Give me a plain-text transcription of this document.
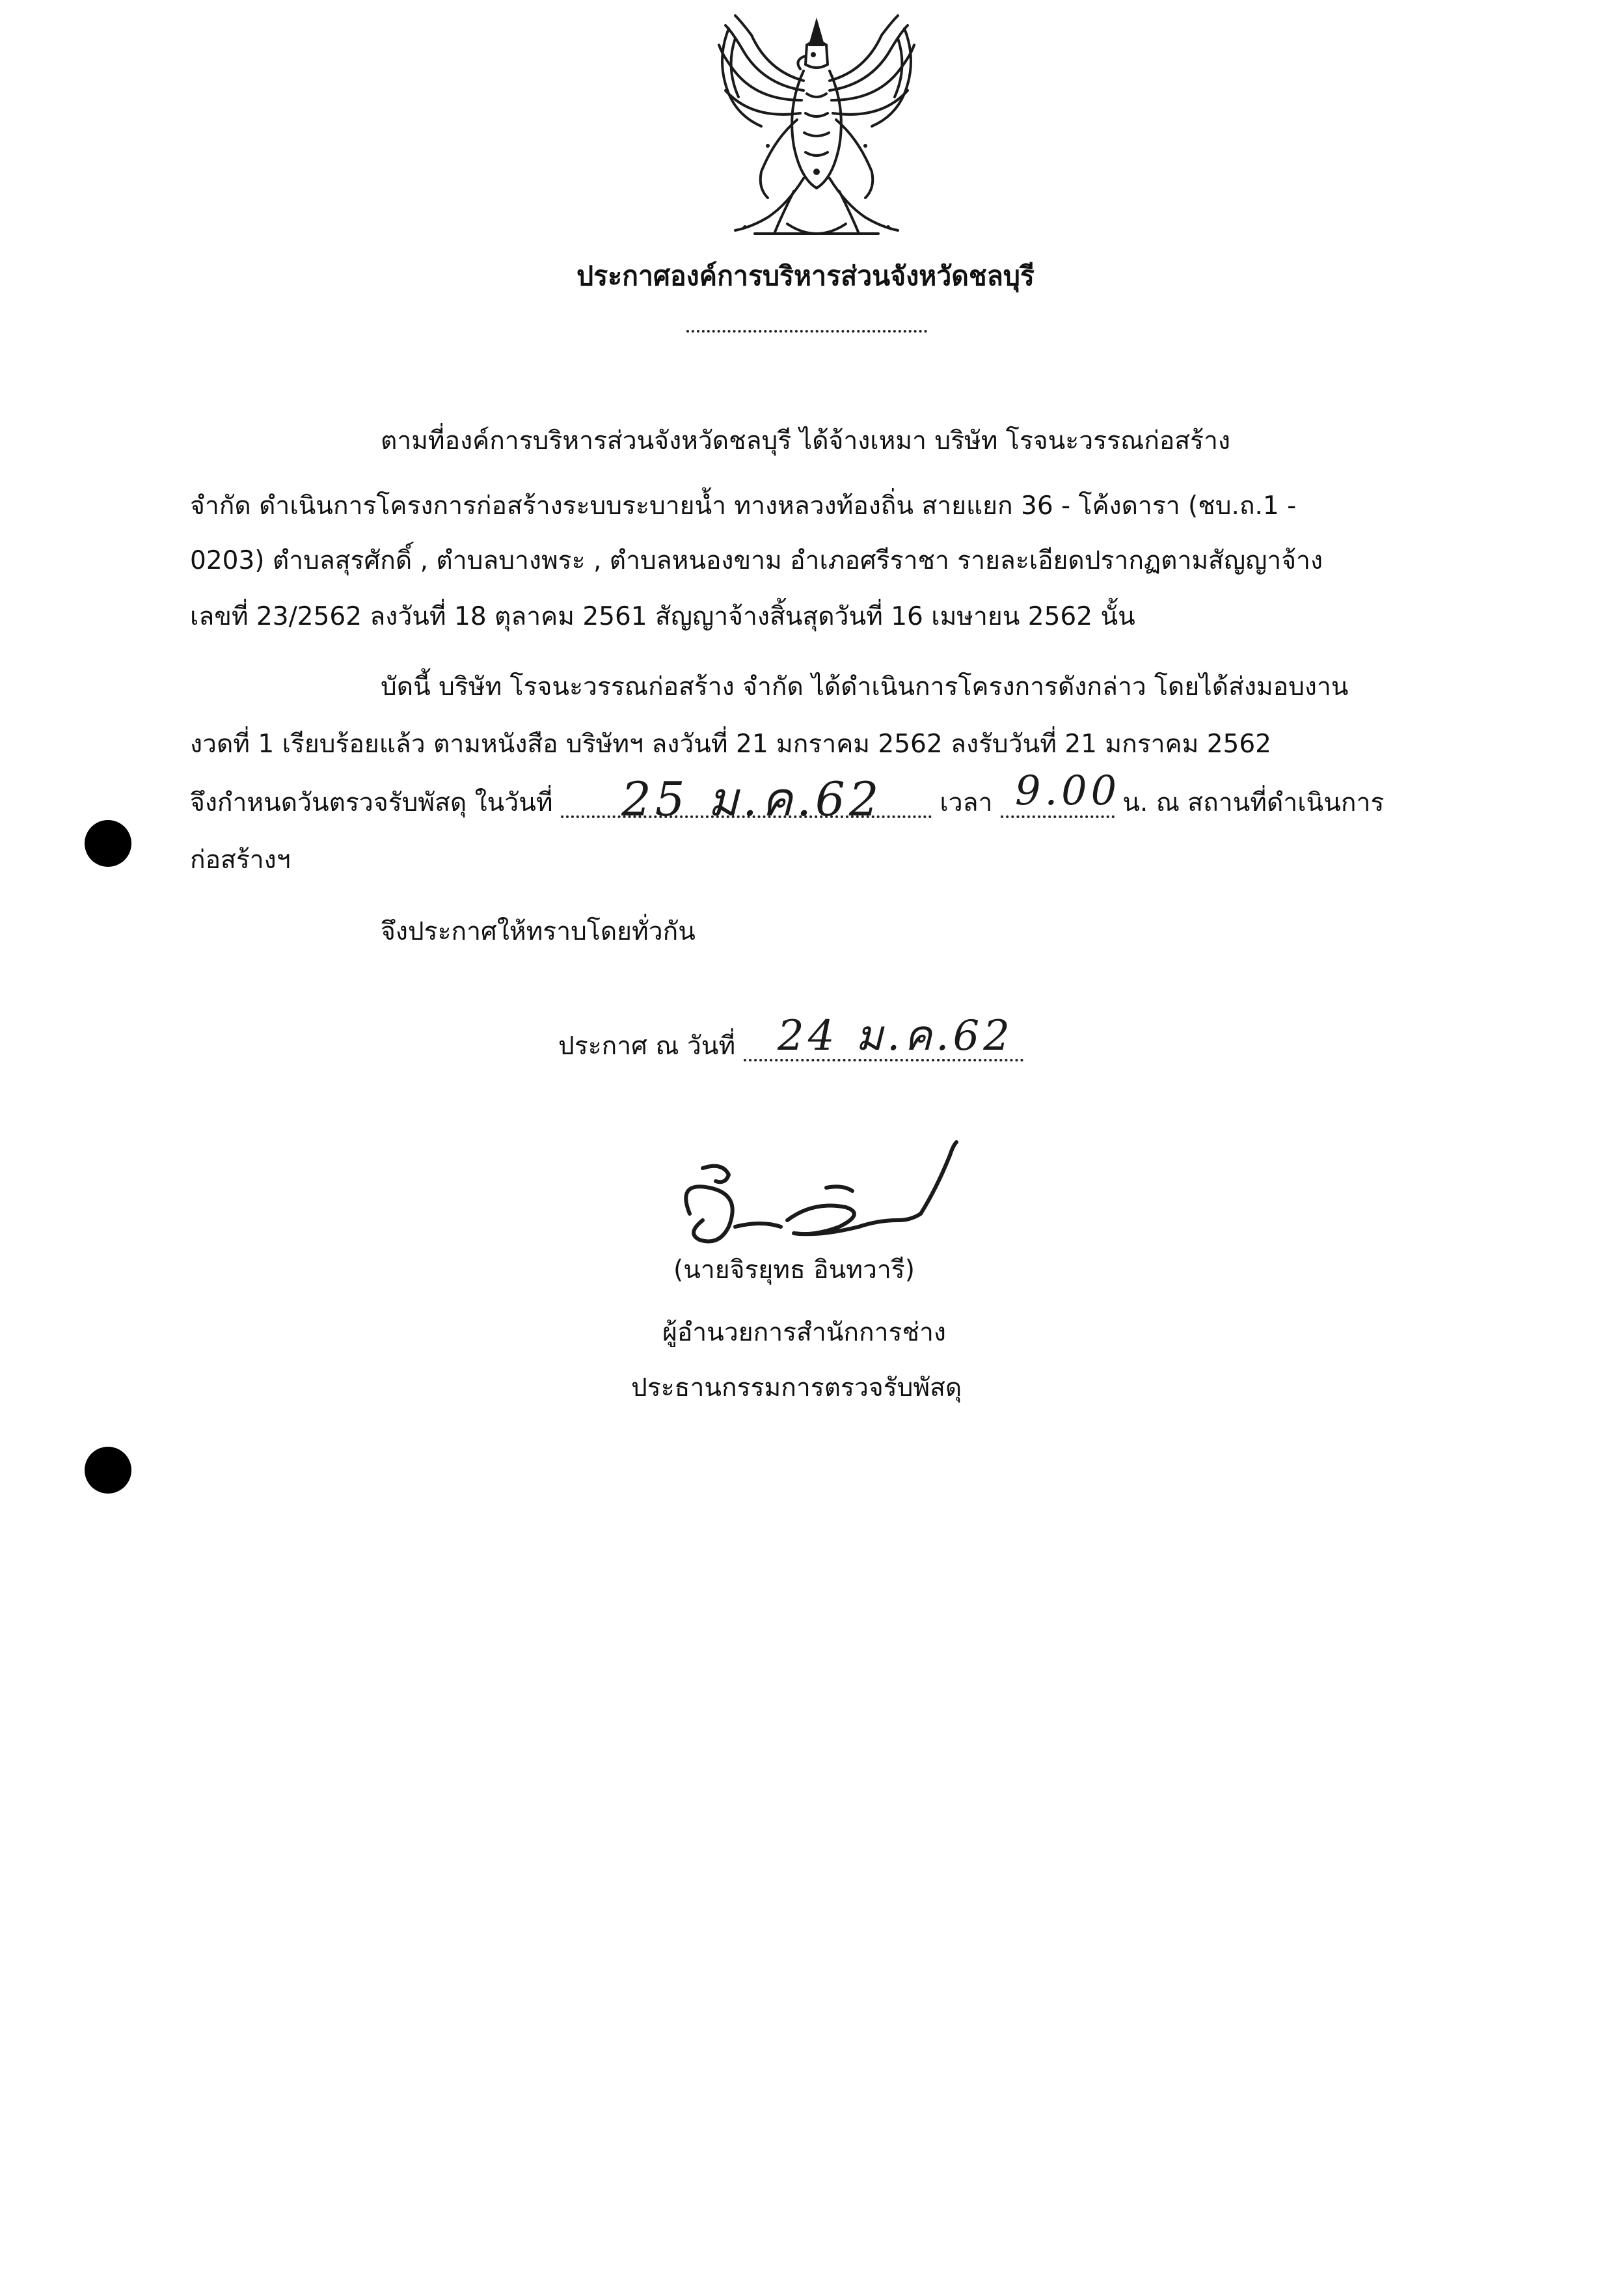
ประกาศองค์การบริหารส่วนจังหวัดชลบุรี
ตามที่องค์การบริหารส่วนจังหวัดชลบุรี ได้จ้างเหมา บริษัท โรจนะวรรณก่อสร้าง
จำกัด ดำเนินการโครงการก่อสร้างระบบระบายน้ำ ทางหลวงท้องถิ่น สายแยก 36 - โค้งดารา (ชบ.ถ.1 -
0203) ตำบลสุรศักดิ์ , ตำบลบางพระ , ตำบลหนองขาม อำเภอศรีราชา รายละเอียดปรากฏตามสัญญาจ้าง
เลขที่ 23/2562 ลงวันที่ 18 ตุลาคม 2561 สัญญาจ้างสิ้นสุดวันที่ 16 เมษายน 2562 นั้น
บัดนี้ บริษัท โรจนะวรรณก่อสร้าง จำกัด ได้ดำเนินการโครงการดังกล่าว โดยได้ส่งมอบงาน
งวดที่ 1 เรียบร้อยแล้ว ตามหนังสือ บริษัทฯ ลงวันที่ 21 มกราคม 2562 ลงรับวันที่ 21 มกราคม 2562
จึงกำหนดวันตรวจรับพัสดุ ในวันที่	เวลา	น. ณ สถานที่ดำเนินการ
25 ม.ค.62	9.00
ก่อสร้างฯ
จึงประกาศให้ทราบโดยทั่วกัน
ประกาศ ณ วันที่	24 ม.ค.62
(นายจิรยุทธ อินทวารี)
ผู้อำนวยการสำนักการช่าง
ประธานกรรมการตรวจรับพัสดุ
